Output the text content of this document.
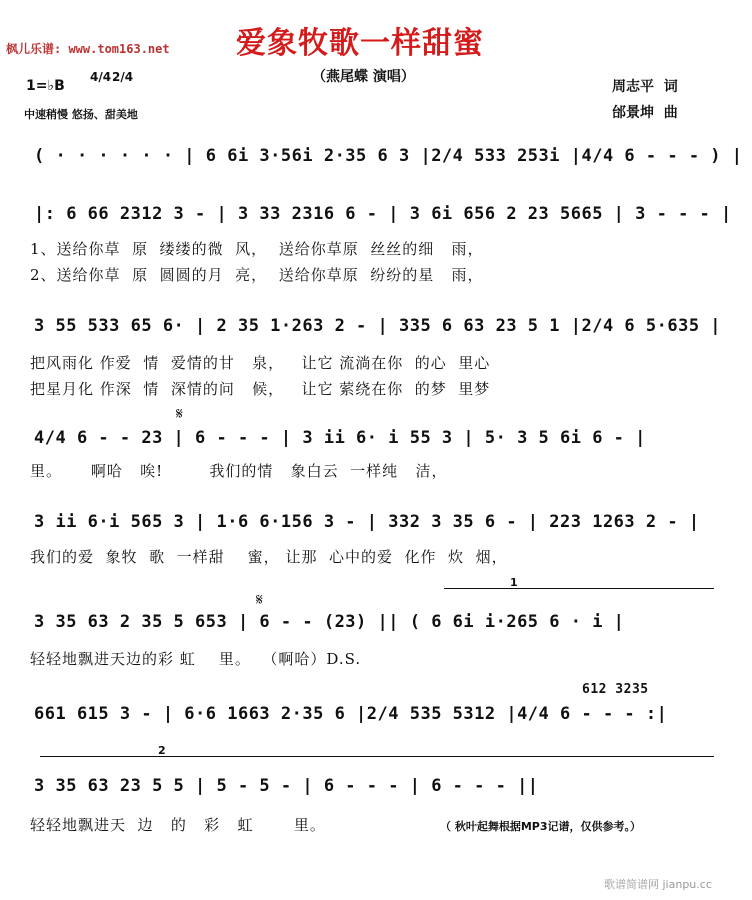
枫儿乐谱: www.tom163.net 爱象牧歌一样甜蜜
（燕尾蝶 演唱）
1=♭B
4/4 2/4
中速稍慢 悠扬、甜美地
周志平  词
邰景坤  曲
( · · · · · · | 6 6i 3·56i 2·35 6 3 |2/4 533 253i |4/4 6 - - - ) |
|: 6 66 2312 3 - | 3 33 2316 6 - | 3 6i 656 2 23 5665 | 3 - - - |
1、送给你草  原  缕缕的微  风，  送给你草原  丝丝的细   雨，
2、送给你草  原  圆圆的月  亮，  送给你草原  纷纷的星   雨，
3 55 533 65 6· | 2 35 1·263 2 - | 335 6 63 23 5 1 |2/4 6 5·635 |
把风雨化 作爱  情  爱情的甘   泉，   让它 流淌在你  的心  里心
把星月化 作深  情  深情的问   候，   让它 萦绕在你  的梦  里梦
𝄋
4/4 6 - - 23 | 6 - - - | 3 ii 6· i 55 3 | 5· 3 5 6i 6 - |
里。     啊哈   唉!        我们的情   象白云  一样纯   洁，
3 ii 6·i 565 3 | 1·6 6·156 3 - | 332 3 35 6 - | 223 1263 2 - |
我们的爱  象牧  歌  一样甜    蜜， 让那  心中的爱  化作  炊  烟，
1
𝄋
3 35 63 2 35 5 653 | 6 - - (23) || ( 6 6i i·265 6 · i |
轻轻地飘进天边的彩 虹    里。  （啊哈）D.S.
612 3235
661 615 3 - | 6·6 1663 2·35 6 |2/4 535 5312 |4/4 6 - - - :|
2
3 35 63 23 5 5 | 5 - 5 - | 6 - - - | 6 - - - ||
轻轻地飘进天  边   的   彩   虹       里。	（ 秋叶起舞根据MP3记谱，仅供参考。）
歌谱简谱网 jianpu.cc
